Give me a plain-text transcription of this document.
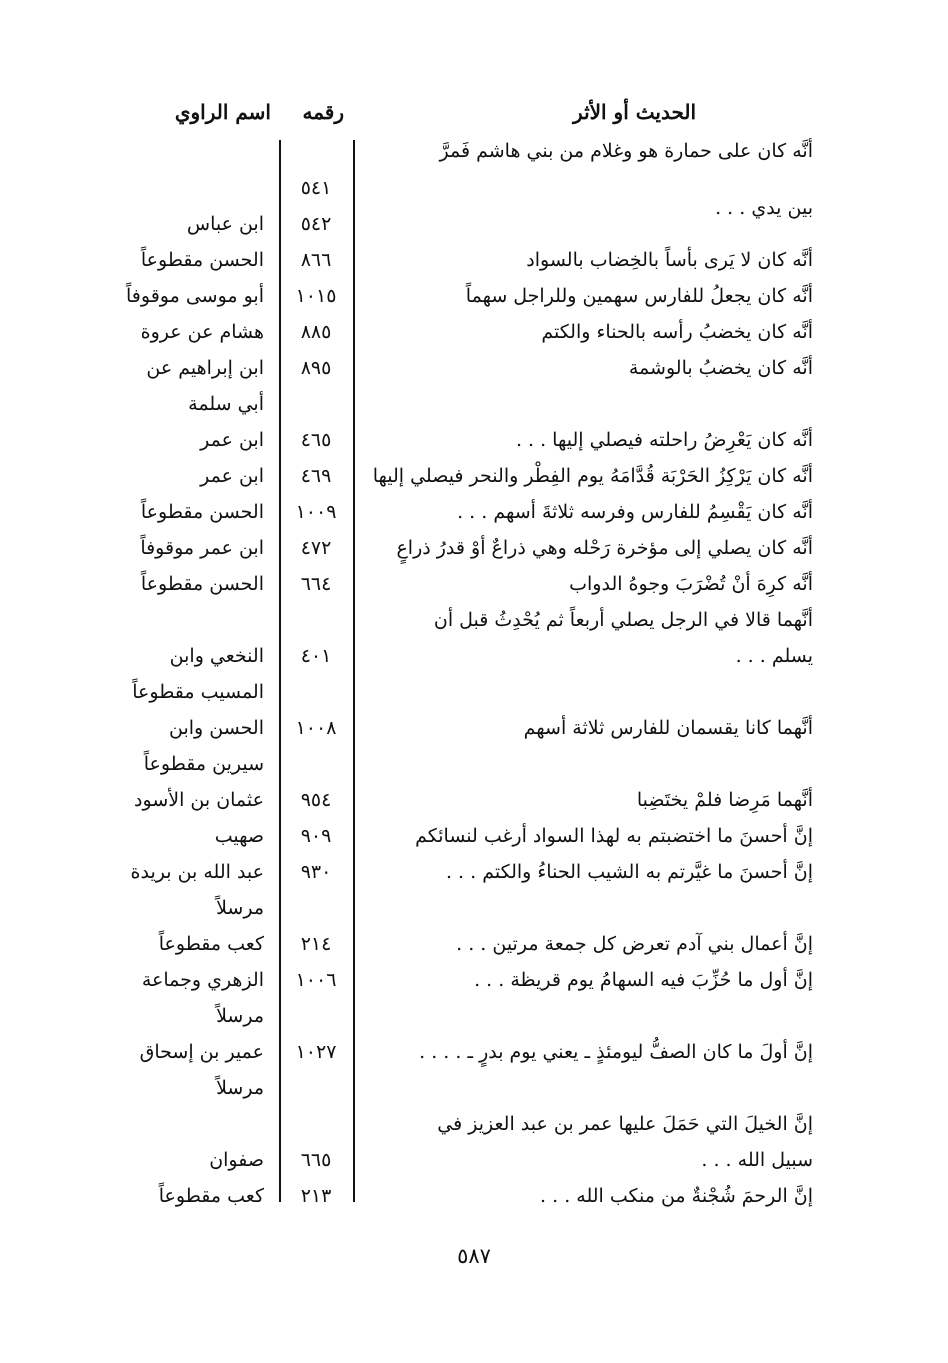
الحديث أو الأثر
رقمه
اسم الراوي
أنَّه كان على حمارة هو وغلام من بني هاشم فَمرَّ
٥٤١
بين يدي . . .
٥٤٢
ابن عباس
أنَّه كان لا يَرى بأساً بالخِضاب بالسواد
٨٦٦
الحسن مقطوعاً
أنَّه كان يجعلُ للفارس سهمين وللراجل سهماً
١٠١٥
أبو موسى موقوفاً
أنَّه كان يخضبُ رأسه بالحناء والكتم
٨٨٥
هشام عن عروة
أنَّه كان يخضبُ بالوشمة
٨٩٥
ابن إبراهيم عن
أبي سلمة
أنَّه كان يَعْرِضُ راحلته فيصلي إليها . . .
٤٦٥
ابن عمر
أنَّه كان يَرْكِزُ الحَرْبَة قُدَّامَهُ يوم الفِطْر والنحر فيصلي إليها
٤٦٩
ابن عمر
أنَّه كان يَقْسِمُ للفارس وفرسه ثلاثةَ أسهم . . .
١٠٠٩
الحسن مقطوعاً
أنَّه كان يصلي إلى مؤخرة رَحْله وهي ذراعٌ أوْ قدرُ ذراعٍ
٤٧٢
ابن عمر موقوفاً
أنَّه كرِهَ أنْ تُضْرَبَ وجوهُ الدواب
٦٦٤
الحسن مقطوعاً
أنَّهما قالا في الرجل يصلي أربعاً ثم يُحْدِثُ قبل أن
يسلم . . .
٤٠١
النخعي وابن
المسيب مقطوعاً
أنَّهما كانا يقسمان للفارس ثلاثة أسهم
١٠٠٨
الحسن وابن
سيرين مقطوعاً
أنَّهما مَرِضا فلمْ يختَضِبا
٩٥٤
عثمان بن الأسود
إنَّ أحسنَ ما اختضبتم به لهذا السواد أرغب لنسائكم
٩٠٩
صهيب
إنَّ أحسنَ ما غيَّرتم به الشيب الحناءُ والكتم . . .
٩٣٠
عبد الله بن بريدة
مرسلاً
إنَّ أعمال بني آدم تعرض كل جمعة مرتين . . .
٢١٤
كعب مقطوعاً
إنَّ أول ما حُزِّبَ فيه السهامُ يوم قريظة . . .
١٠٠٦
الزهري وجماعة
مرسلاً
إنَّ أولَ ما كان الصفُّ ليومئذٍ ـ يعني يوم بدرٍ ـ . . . .
١٠٢٧
عمير بن إسحاق
مرسلاً
إنَّ الخيلَ التي حَمَلَ عليها عمر بن عبد العزيز في
سبيل الله . . .
٦٦٥
صفوان
إنَّ الرحمَ شُجْنةٌ من منكب الله . . .
٢١٣
كعب مقطوعاً
٥٨٧
